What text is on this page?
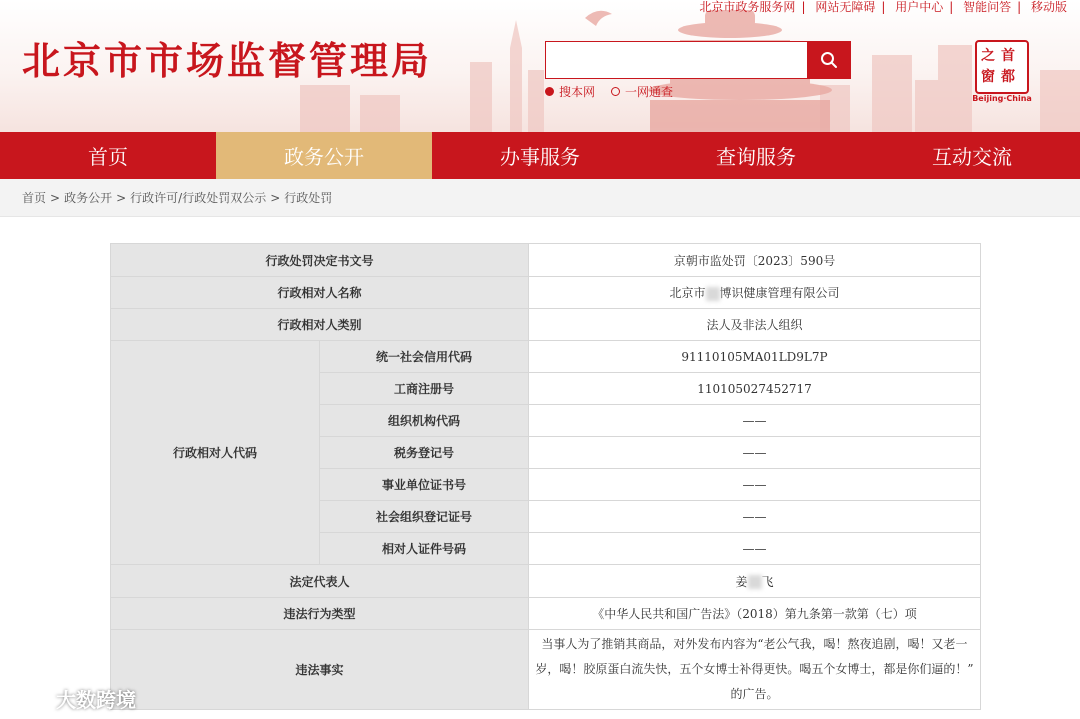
北京市市场监督管理局
北京市政务服务网 | 网站无障碍 | 用户中心 | 智能问答 | 移动版
搜本网	一网通查
首
都
之
窗
Beijing·China
首页	政务公开	办事服务	查询服务	互动交流
首页 > 政务公开 > 行政许可/行政处罚双公示 > 行政处罚
行政处罚决定书文号		京朝市监处罚〔2023〕590号
行政相对人名称		北京市 博识健康管理有限公司
行政相对人类别		法人及非法人组织
行政相对人代码	统一社会信用代码	91110105MA01LD9L7P
	工商注册号	110105027452717
	组织机构代码	——
	税务登记号	——
	事业单位证书号	——
	社会组织登记证号	——
	相对人证件号码	——
法定代表人		姜 飞
违法行为类型		《中华人民共和国广告法》（2018）第九条第一款第（七）项
违法事实		当事人为了推销其商品，对外发布内容为“老公气我，喝！熬夜追剧，喝！又老一
岁，喝！胶原蛋白流失快，五个女博士补得更快。喝五个女博士，都是你们逼的！”
的广告。
大数跨境
